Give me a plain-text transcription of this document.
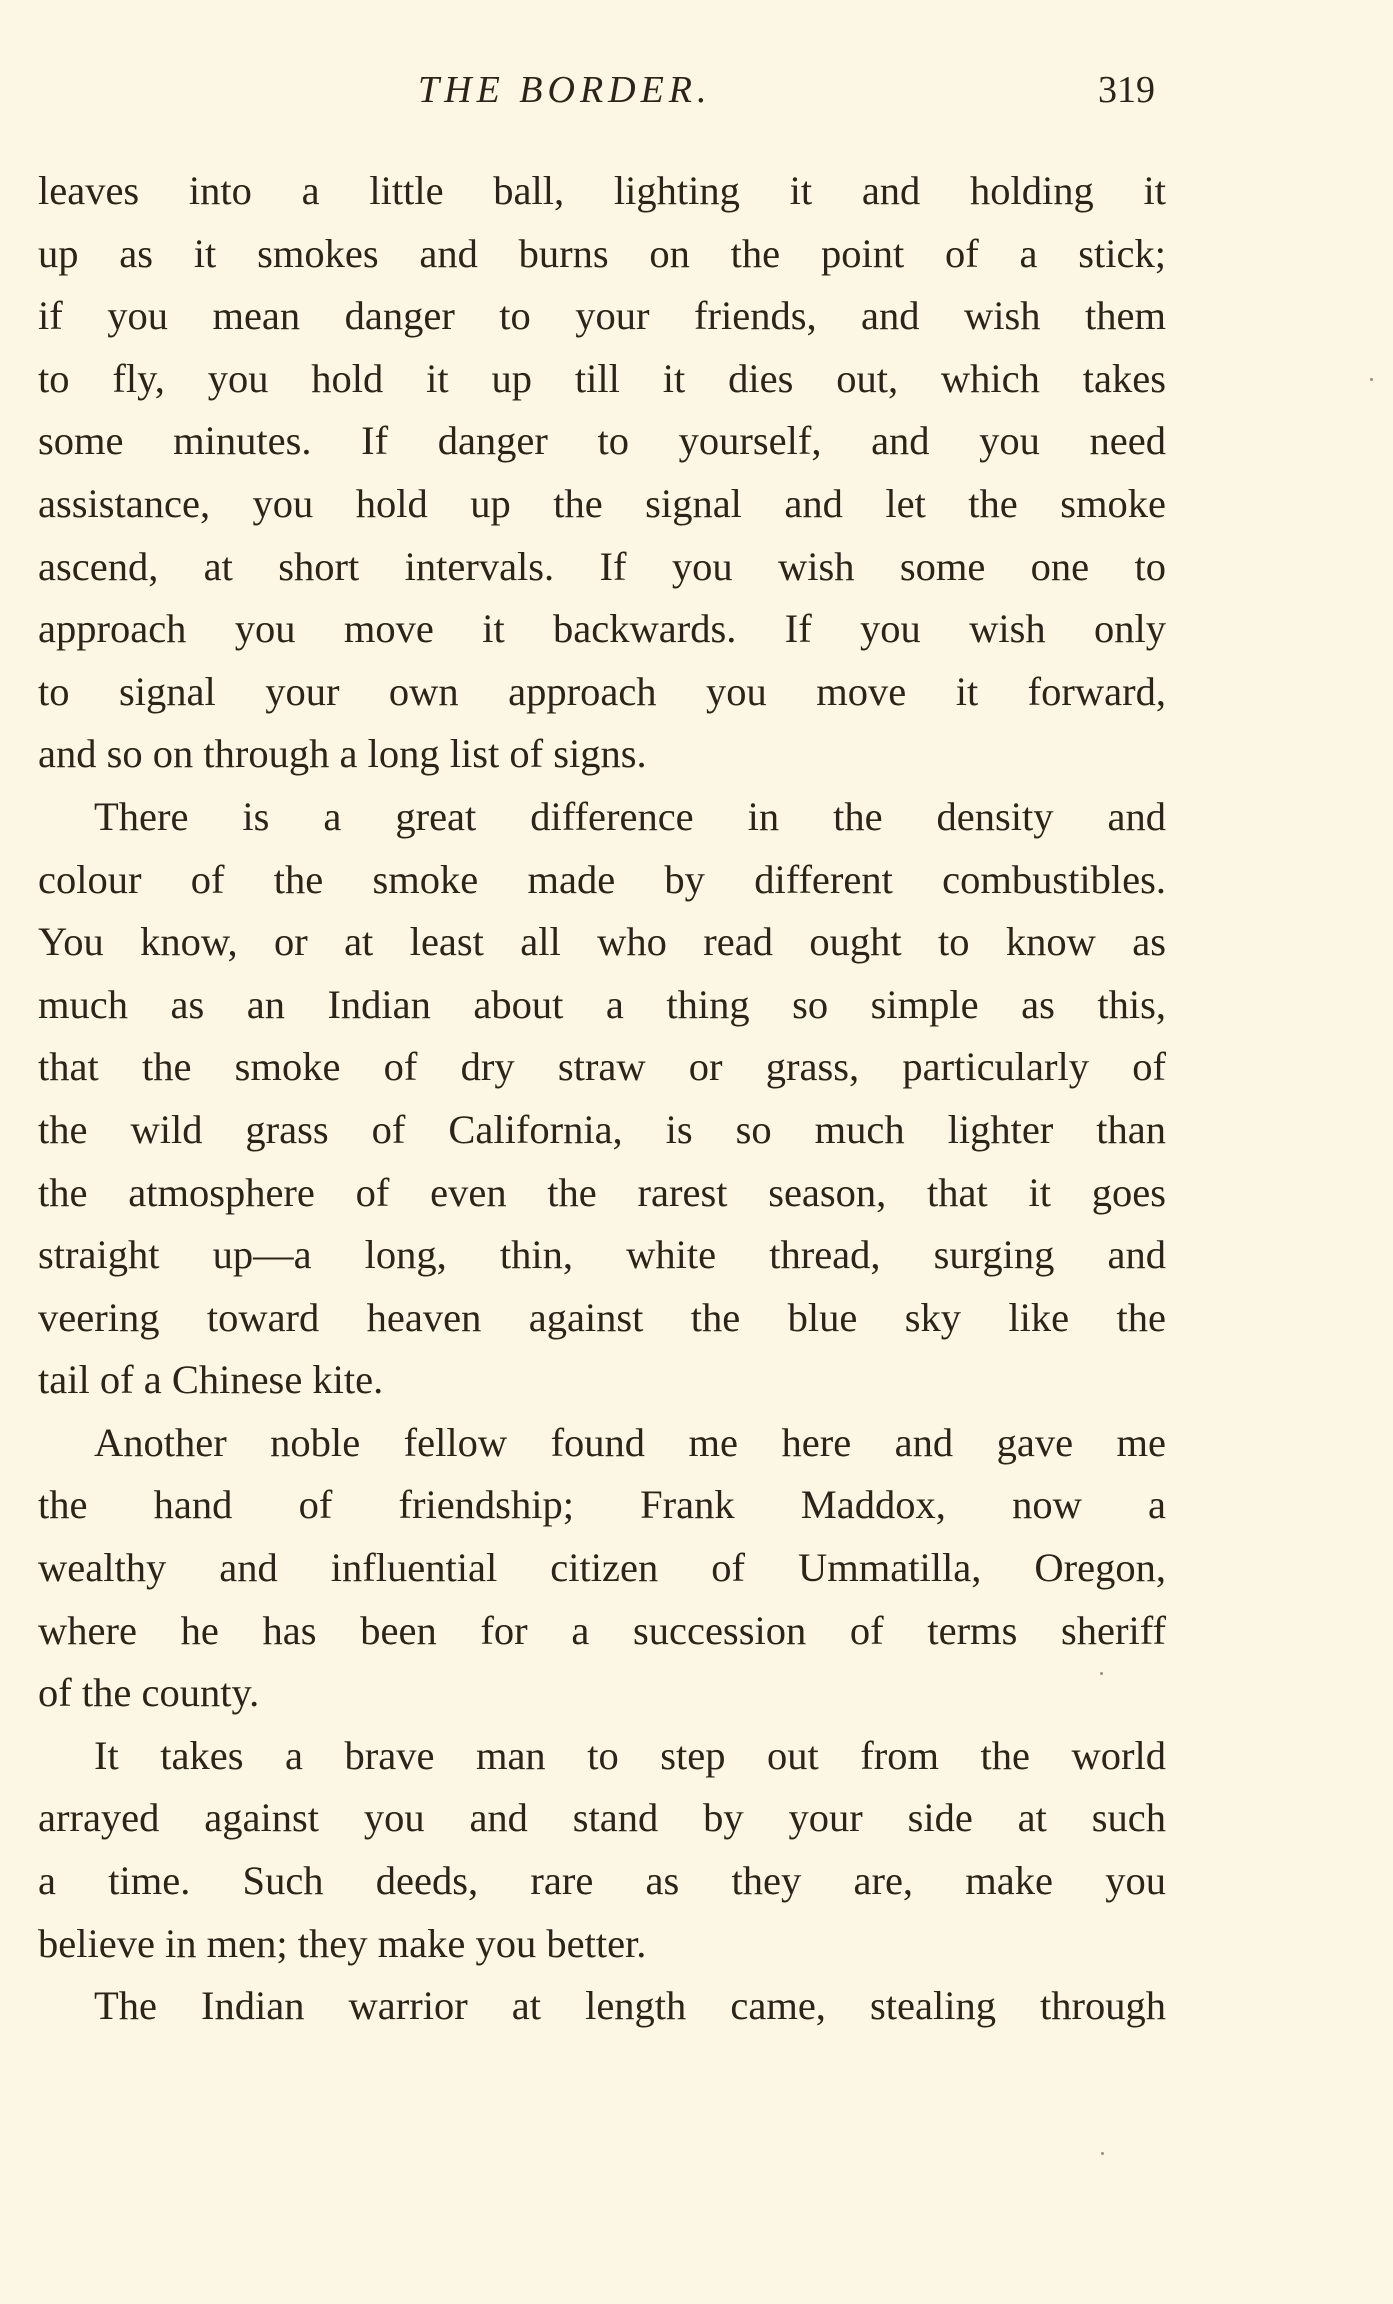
THE BORDER.	319
leaves into a little ball, lighting it and holding it
up as it smokes and burns on the point of a stick;
if you mean danger to your friends, and wish them
to fly, you hold it up till it dies out, which takes
some minutes. If danger to yourself, and you need
assistance, you hold up the signal and let the smoke
ascend, at short intervals. If you wish some one to
approach you move it backwards. If you wish only
to signal your own approach you move it forward,
and so on through a long list of signs.
There is a great difference in the density and
colour of the smoke made by different combustibles.
You know, or at least all who read ought to know as
much as an Indian about a thing so simple as this,
that the smoke of dry straw or grass, particularly of
the wild grass of California, is so much lighter than
the atmosphere of even the rarest season, that it goes
straight up—a long, thin, white thread, surging and
veering toward heaven against the blue sky like the
tail of a Chinese kite.
Another noble fellow found me here and gave me
the hand of friendship; Frank Maddox, now a
wealthy and influential citizen of Ummatilla, Oregon,
where he has been for a succession of terms sheriff
of the county.
It takes a brave man to step out from the world
arrayed against you and stand by your side at such
a time. Such deeds, rare as they are, make you
believe in men; they make you better.
The Indian warrior at length came, stealing through
